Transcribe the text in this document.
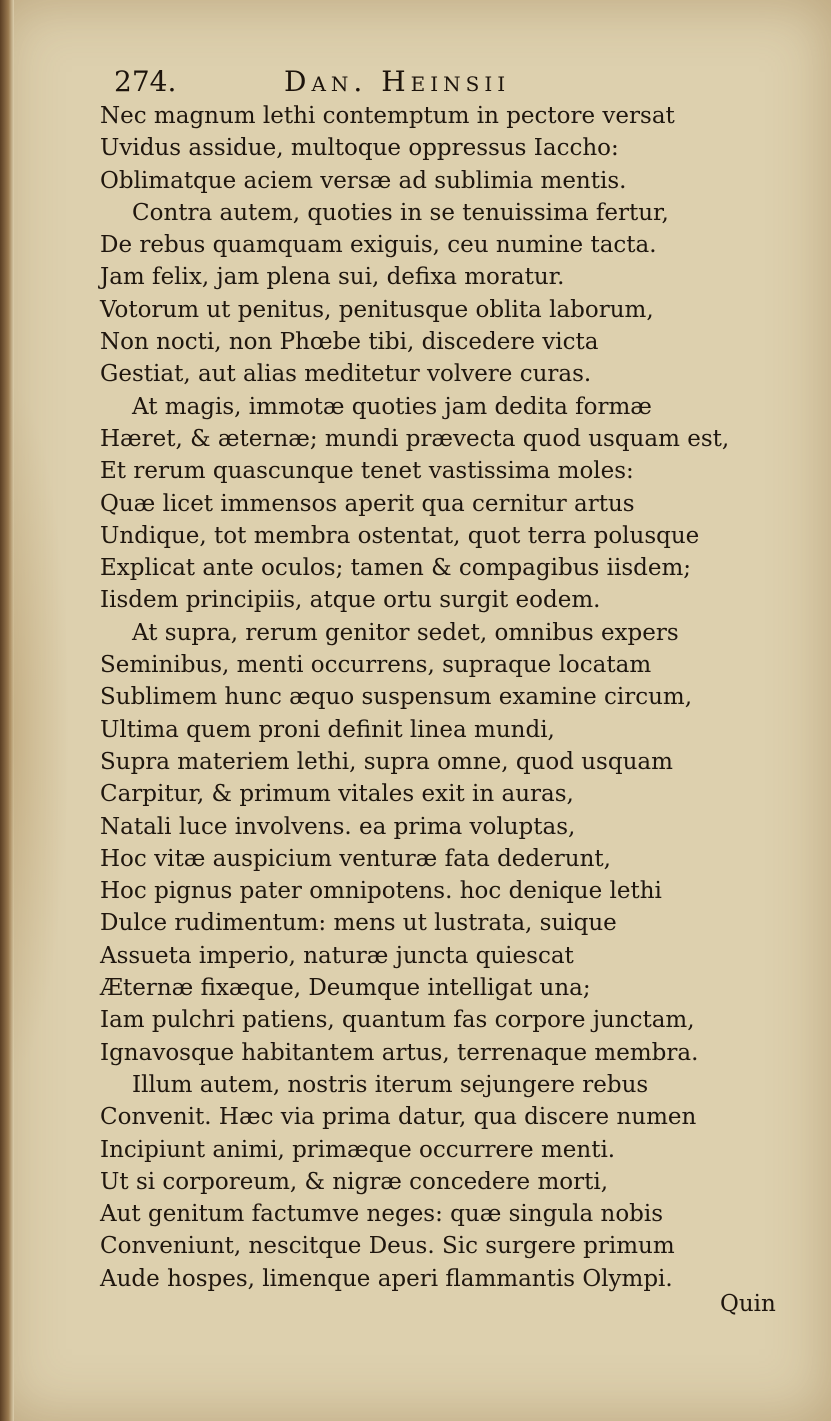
274.	Dan. Heinsii
Nec magnum lethi contemptum in pectore versat
Uvidus assidue, multoque oppressus Iaccho:
Oblimatque aciem versæ ad sublimia mentis.
Contra autem, quoties in se tenuissima fertur,
De rebus quamquam exiguis, ceu numine tacta.
Jam felix, jam plena sui, defixa moratur.
Votorum ut penitus, penitusque oblita laborum,
Non nocti, non Phœbe tibi, discedere victa
Gestiat, aut alias meditetur volvere curas.
At magis, immotæ quoties jam dedita formæ
Hæret, & æternæ; mundi prævecta quod usquam est,
Et rerum quascunque tenet vastissima moles:
Quæ licet immensos aperit qua cernitur artus
Undique, tot membra ostentat, quot terra polusque
Explicat ante oculos; tamen & compagibus iisdem;
Iisdem principiis, atque ortu surgit eodem.
At supra, rerum genitor sedet, omnibus expers
Seminibus, menti occurrens, supraque locatam
Sublimem hunc æquo suspensum examine circum,
Ultima quem proni definit linea mundi,
Supra materiem lethi, supra omne, quod usquam
Carpitur, & primum vitales exit in auras,
Natali luce involvens. ea prima voluptas,
Hoc vitæ auspicium venturæ fata dederunt,
Hoc pignus pater omnipotens. hoc denique lethi
Dulce rudimentum: mens ut lustrata, suique
Assueta imperio, naturæ juncta quiescat
Æternæ fixæque, Deumque intelligat una;
Iam pulchri patiens, quantum fas corpore junctam,
Ignavosque habitantem artus, terrenaque membra.
Illum autem, nostris iterum sejungere rebus
Convenit. Hæc via prima datur, qua discere numen
Incipiunt animi, primæque occurrere menti.
Ut si corporeum, & nigræ concedere morti,
Aut genitum factumve neges: quæ singula nobis
Conveniunt, nescitque Deus. Sic surgere primum
Aude hospes, limenque aperi flammantis Olympi.
Quin
